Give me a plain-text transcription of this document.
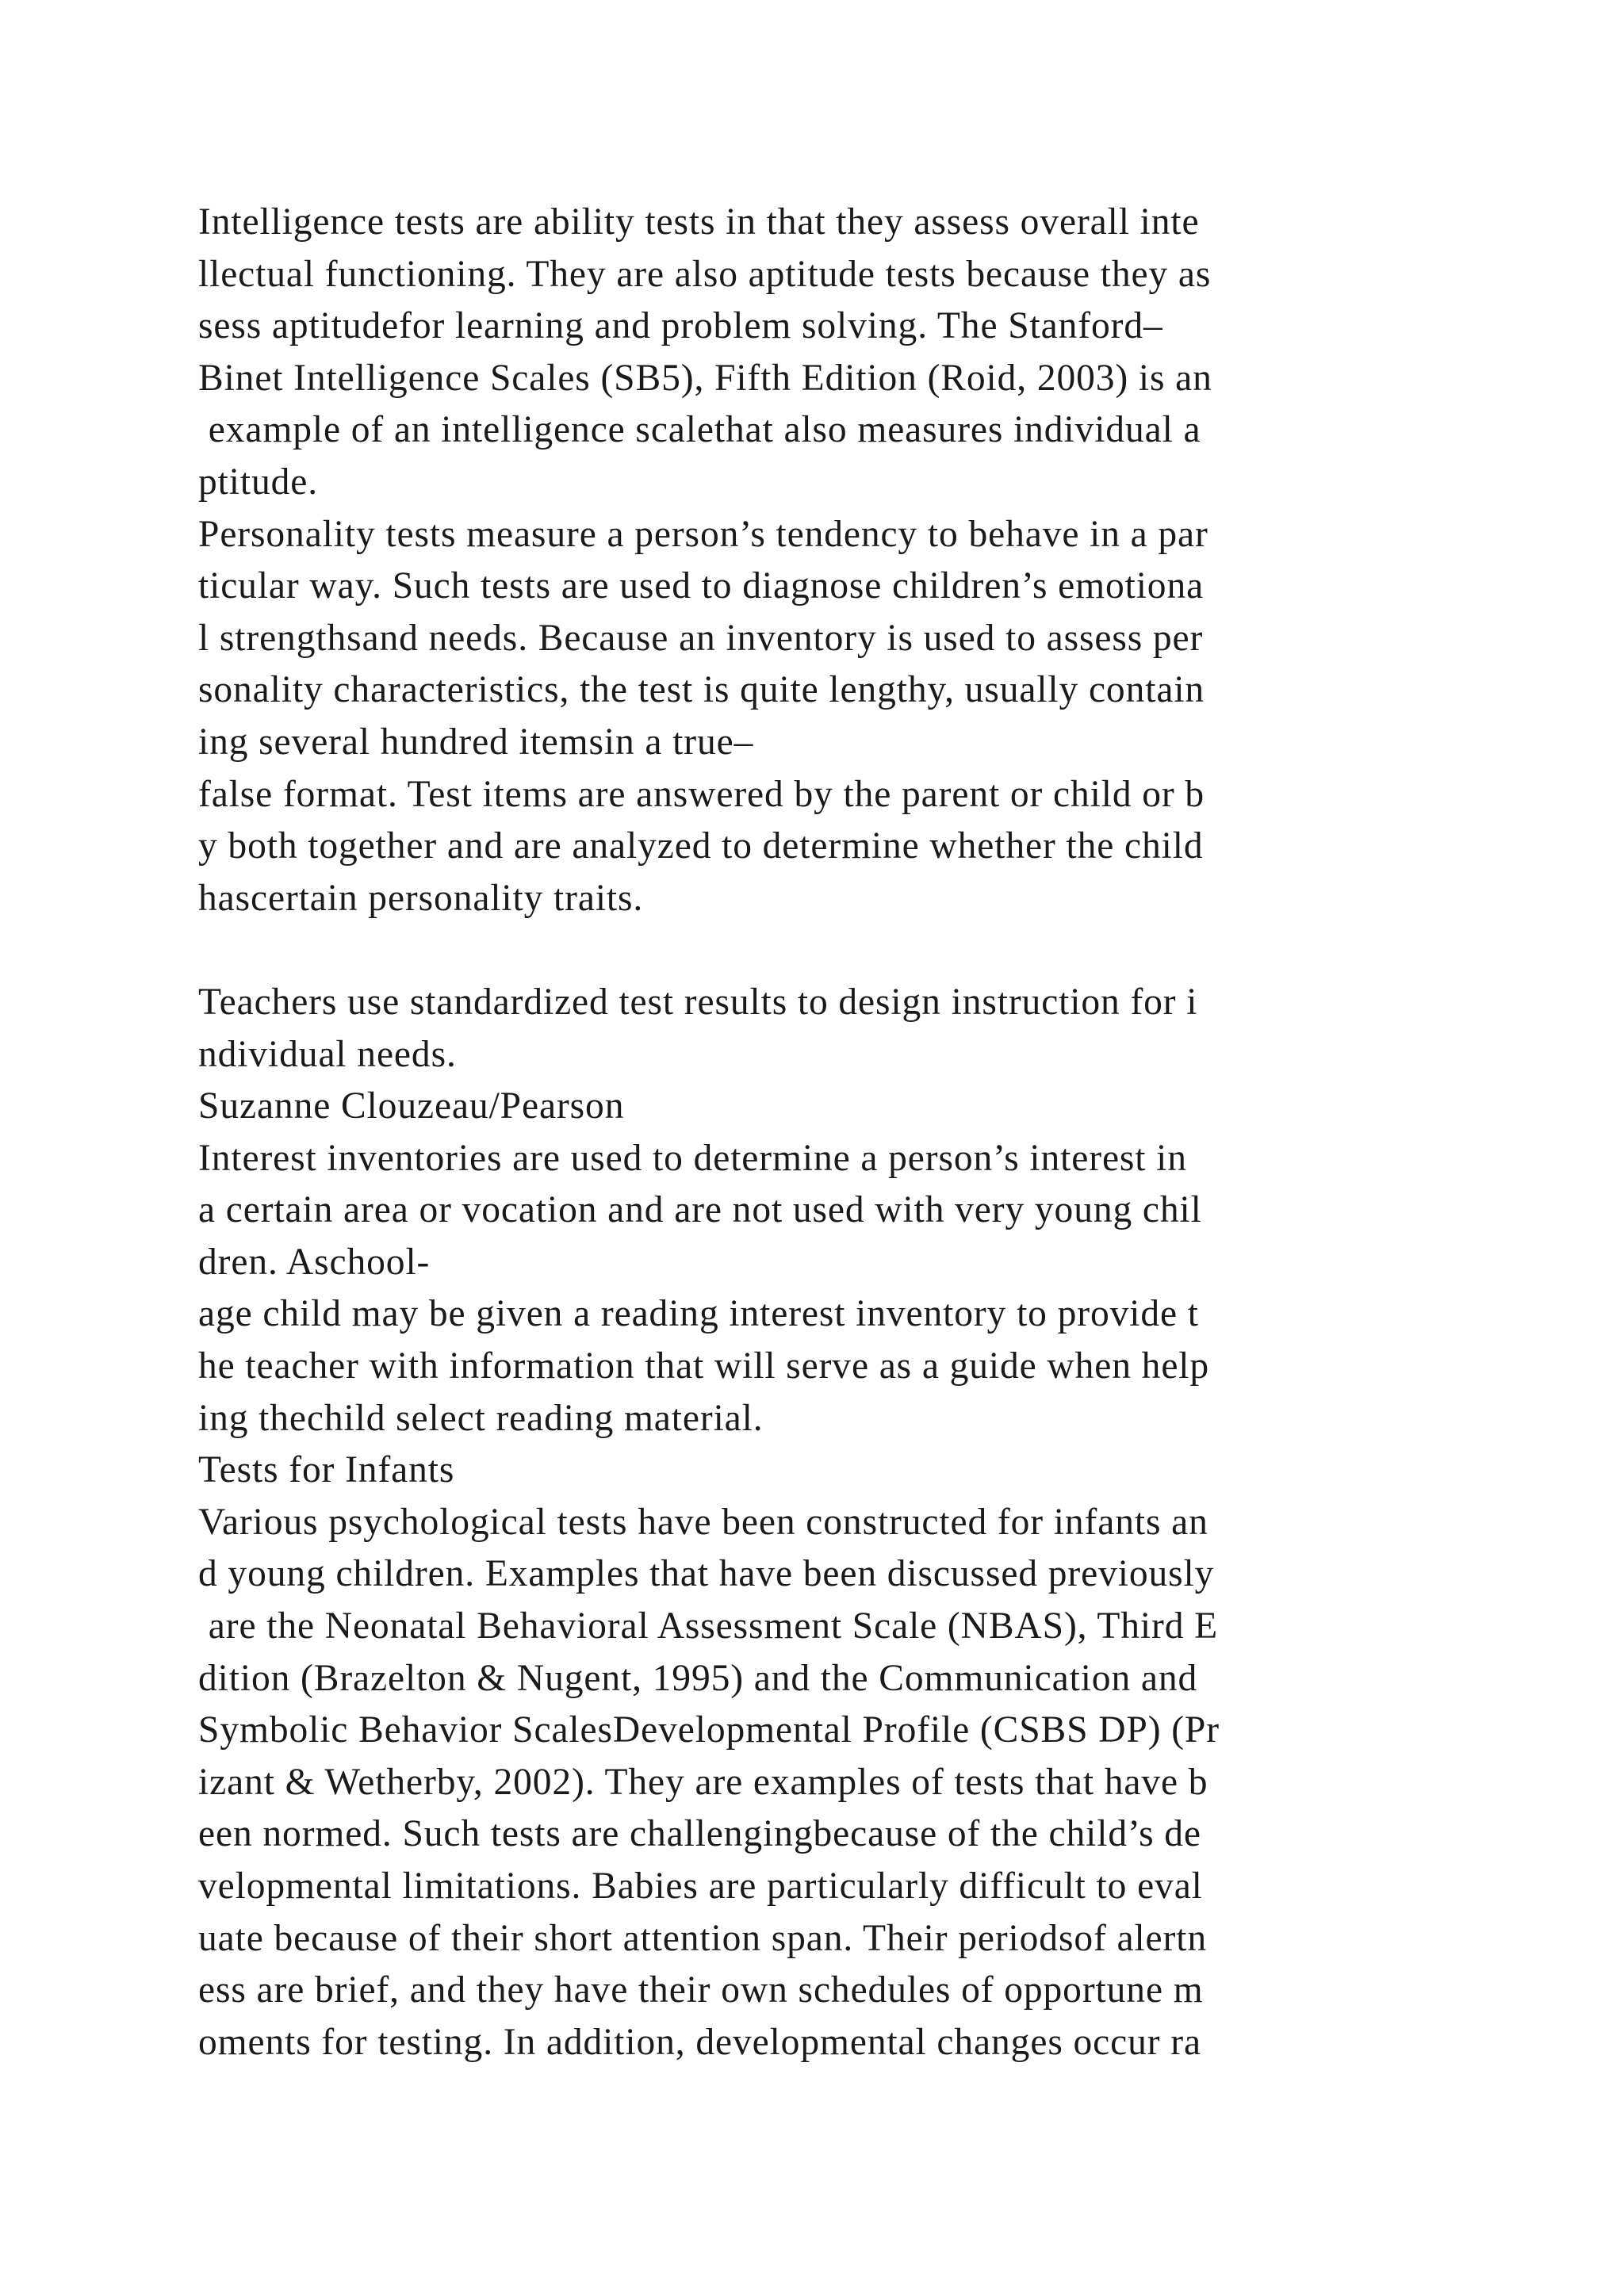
Intelligence tests are ability tests in that they assess overall inte
llectual functioning. They are also aptitude tests because they as
sess aptitudefor learning and problem solving. The Stanford–
Binet Intelligence Scales (SB5), Fifth Edition (Roid, 2003) is an
example of an intelligence scalethat also measures individual a
ptitude.
Personality tests measure a person’s tendency to behave in a par
ticular way. Such tests are used to diagnose children’s emotiona
l strengthsand needs. Because an inventory is used to assess per
sonality characteristics, the test is quite lengthy, usually contain
ing several hundred itemsin a true–
false format. Test items are answered by the parent or child or b
y both together and are analyzed to determine whether the child
hascertain personality traits.
Teachers use standardized test results to design instruction for i
ndividual needs.
Suzanne Clouzeau/Pearson
Interest inventories are used to determine a person’s interest in
a certain area or vocation and are not used with very young chil
dren. Aschool-
age child may be given a reading interest inventory to provide t
he teacher with information that will serve as a guide when help
ing thechild select reading material.
Tests for Infants
Various psychological tests have been constructed for infants an
d young children. Examples that have been discussed previously
are the Neonatal Behavioral Assessment Scale (NBAS), Third E
dition (Brazelton & Nugent, 1995) and the Communication and
Symbolic Behavior ScalesDevelopmental Profile (CSBS DP) (Pr
izant & Wetherby, 2002). They are examples of tests that have b
een normed. Such tests are challengingbecause of the child’s de
velopmental limitations. Babies are particularly difficult to eval
uate because of their short attention span. Their periodsof alertn
ess are brief, and they have their own schedules of opportune m
oments for testing. In addition, developmental changes occur ra
